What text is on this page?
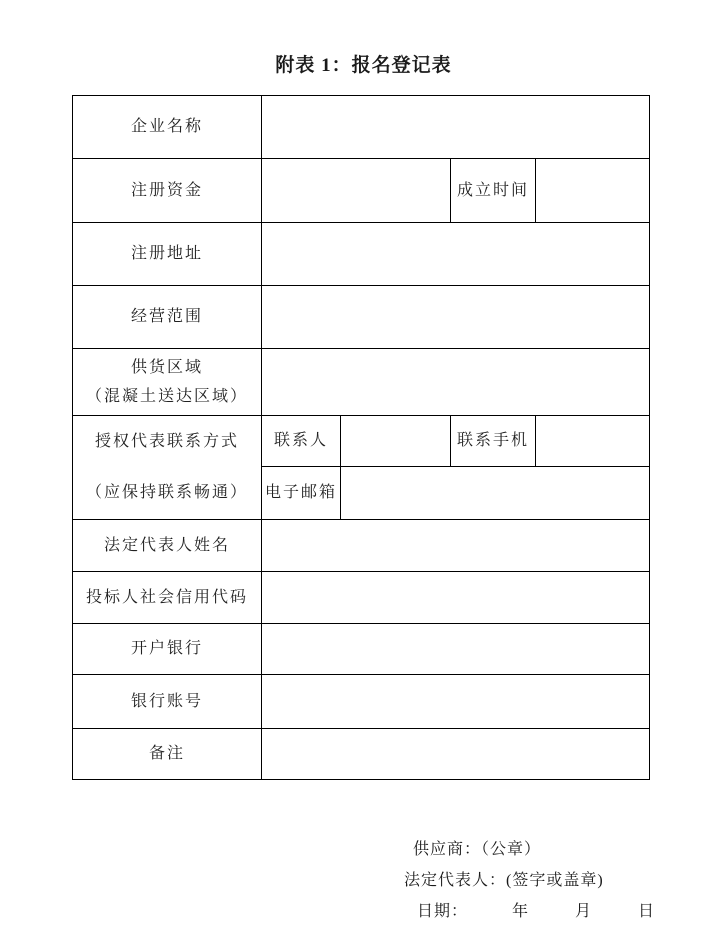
附表 1：报名登记表
企业名称				
注册资金			成立时间	
注册地址				
经营范围				

供货区域
（混凝土送达区域）				

授权代表联系方式
（应保持联系畅通）	联系人		联系手机	
	电子邮箱			
法定代表人姓名				
投标人社会信用代码				
开户银行				
银行账号				
备注				
供应商：（公章）
法定代表人：(签字或盖章)
日期：	年	月	日
